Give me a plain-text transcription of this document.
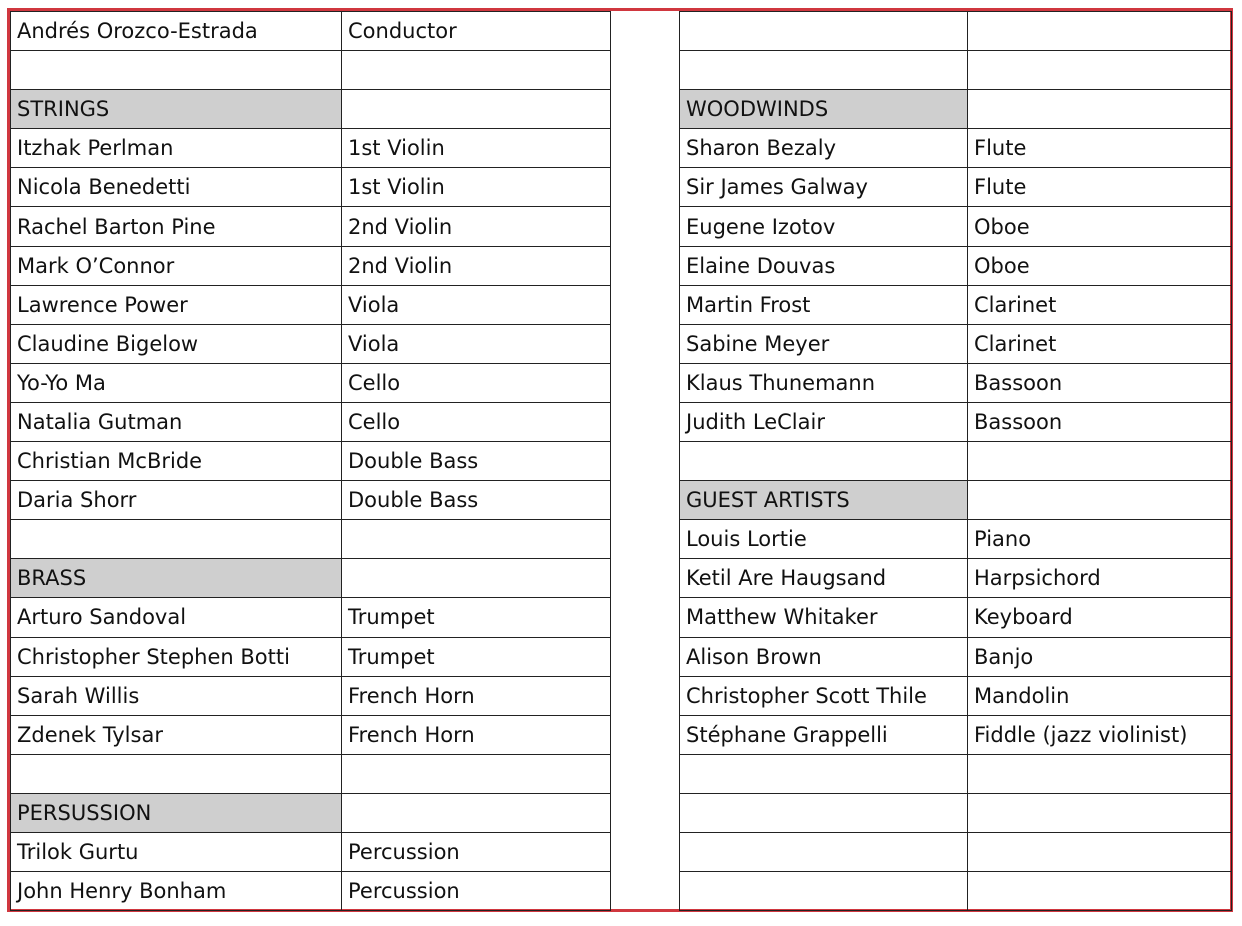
Andrés Orozco-Estrada	Conductor

STRINGS	
Itzhak Perlman	1st Violin
Nicola Benedetti	1st Violin
Rachel Barton Pine	2nd Violin
Mark O’Connor	2nd Violin
Lawrence Power	Viola
Claudine Bigelow	Viola
Yo-Yo Ma	Cello
Natalia Gutman	Cello
Christian McBride	Double Bass
Daria Shorr	Double Bass

BRASS	
Arturo Sandoval	Trumpet
Christopher Stephen Botti	Trumpet
Sarah Willis	French Horn
Zdenek Tylsar	French Horn

PERSUSSION	
Trilok Gurtu	Percussion
John Henry Bonham	Percussion

WOODWINDS	
Sharon Bezaly	Flute
Sir James Galway	Flute
Eugene Izotov	Oboe
Elaine Douvas	Oboe
Martin Frost	Clarinet
Sabine Meyer	Clarinet
Klaus Thunemann	Bassoon
Judith LeClair	Bassoon

GUEST ARTISTS	
Louis Lortie	Piano
Ketil Are Haugsand	Harpsichord
Matthew Whitaker	Keyboard
Alison Brown	Banjo
Christopher Scott Thile	Mandolin
Stéphane Grappelli	Fiddle (jazz violinist)
